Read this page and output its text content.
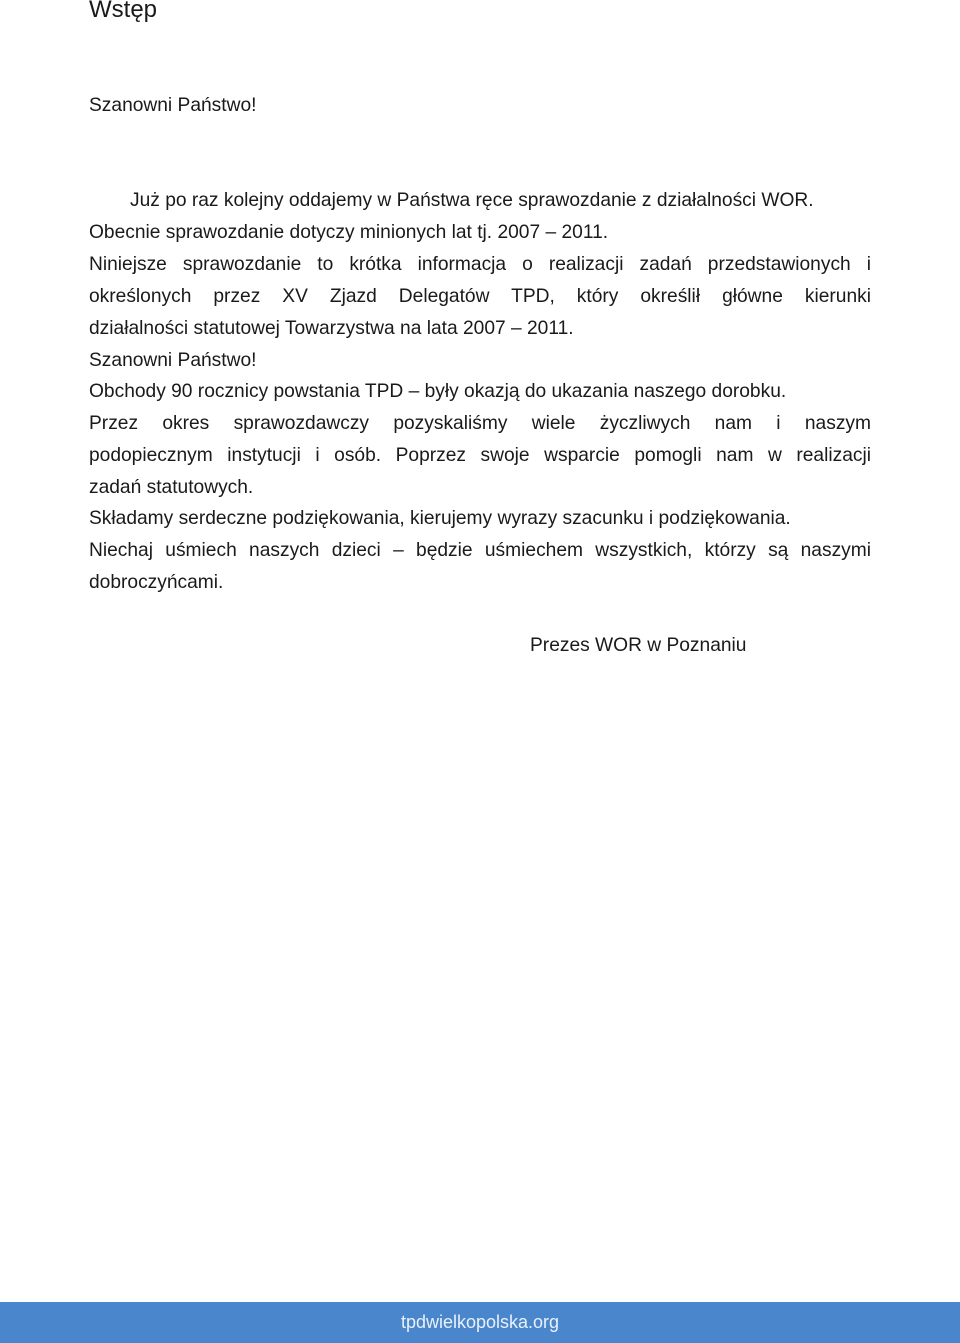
Wstęp
Szanowni Państwo!
Już po raz kolejny oddajemy w Państwa ręce sprawozdanie z działalności WOR.
Obecnie sprawozdanie dotyczy minionych lat tj. 2007 – 2011.
Niniejsze sprawozdanie to krótka informacja o realizacji zadań przedstawionych i
określonych przez XV Zjazd Delegatów TPD, który określił główne kierunki
działalności statutowej Towarzystwa na lata 2007 – 2011.
Szanowni Państwo!
Obchody 90 rocznicy powstania TPD – były okazją do ukazania naszego dorobku.
Przez okres sprawozdawczy pozyskaliśmy wiele życzliwych nam i naszym
podopiecznym instytucji i osób. Poprzez swoje wsparcie pomogli nam w realizacji
zadań statutowych.
Składamy serdeczne podziękowania, kierujemy wyrazy szacunku i podziękowania.
Niechaj uśmiech naszych dzieci – będzie uśmiechem wszystkich, którzy są naszymi
dobroczyńcami.
Prezes WOR w Poznaniu
tpdwielkopolska.org
